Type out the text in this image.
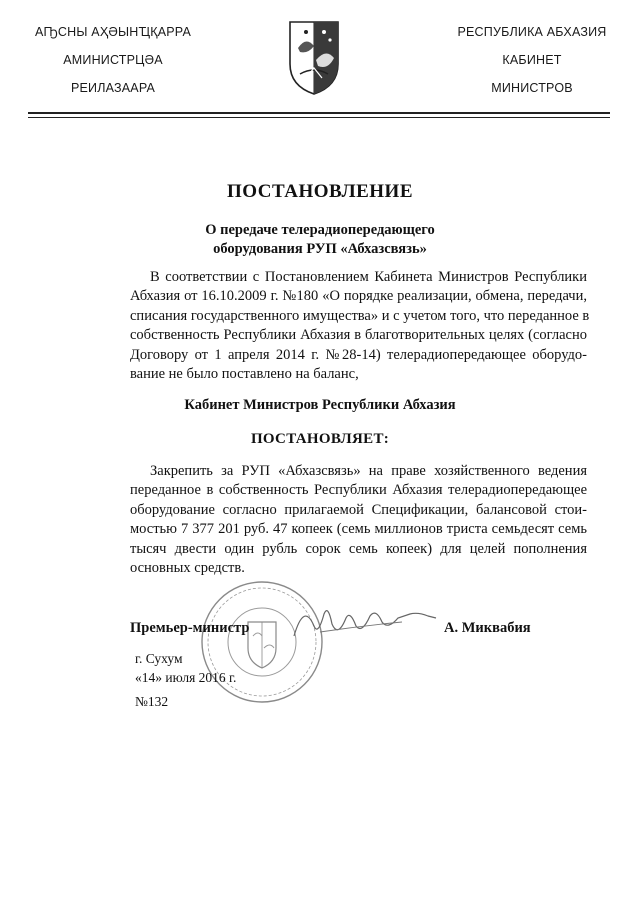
АҦСНЫ АҲӘЫНҴҚАРРА
АМИНИСТРЦӘА
РЕИЛАЗААРА
РЕСПУБЛИКА АБХАЗИЯ
КАБИНЕТ
МИНИСТРОВ
ПОСТАНОВЛЕНИЕ
О передаче телерадиопередающего
оборудования РУП «Абхазсвязь»
В соответствии с Постановлением Кабинета Министров Республики
Абхазия от 16.10.2009 г. №180 «О порядке реализации, обмена, передачи,
списания государственного имущества» и с учетом того, что переданное в
собственность Республики Абхазия в благотворительных целях (согласно
Договору от 1 апреля 2014 г. №28-14) телерадиопередающее оборудо-
вание не было поставлено на баланс,
Кабинет Министров Республики Абхазия
ПОСТАНОВЛЯЕТ:
Закрепить за РУП «Абхазсвязь» на праве хозяйственного ведения
переданное в собственность Республики Абхазия телерадиопередающее
оборудование согласно прилагаемой Спецификации, балансовой стои-
мостью 7 377 201 руб. 47 копеек (семь миллионов триста семьдесят семь
тысяч двести один рубль сорок семь копеек) для целей пополнения
основных средств.
Премьер-министр	А. Миквабия
г. Сухум
«14» июля 2016 г.
№132
